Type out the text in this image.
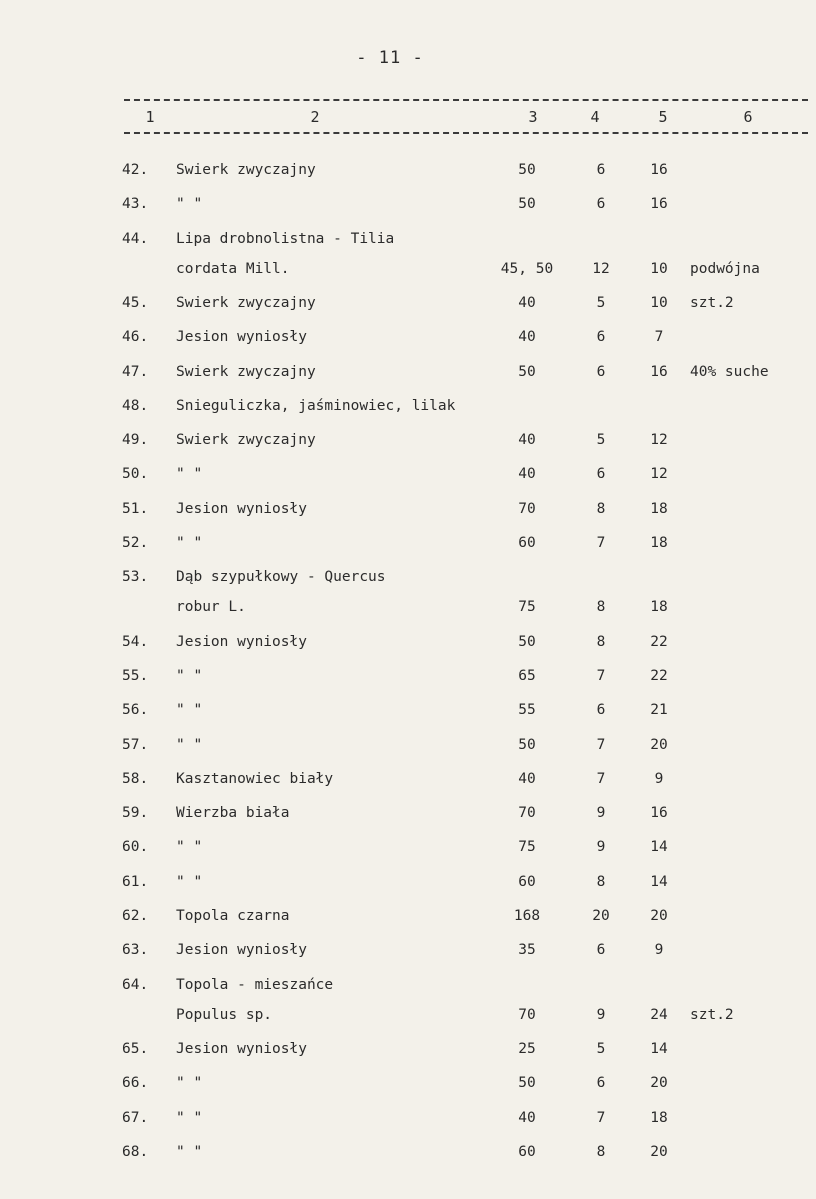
- 11 -
1	2	3	4	5	6
42. Swierk zwyczajny	50	6	16
43. " "	50	6	16
44. Lipa drobnolistna - Tilia
cordata Mill.	45, 50	12	10 podwójna
45. Swierk zwyczajny	40	5	10 szt.2
46. Jesion wyniosły	40	6	7
47. Swierk zwyczajny	50	6	16 40% suche
48. Snieguliczka, jaśminowiec, lilak
49. Swierk zwyczajny	40	5	12
50. " "	40	6	12
51. Jesion wyniosły	70	8	18
52. " "	60	7	18
53. Dąb szypułkowy - Quercus
robur L.	75	8	18
54. Jesion wyniosły	50	8	22
55. " "	65	7	22
56. " "	55	6	21
57. " "	50	7	20
58. Kasztanowiec biały	40	7	9
59. Wierzba biała	70	9	16
60. " "	75	9	14
61. " "	60	8	14
62. Topola czarna	168	20	20
63. Jesion wyniosły	35	6	9
64. Topola - mieszańce
Populus sp.	70	9	24 szt.2
65. Jesion wyniosły	25	5	14
66. " "	50	6	20
67. " "	40	7	18
68. " "	60	8	20
